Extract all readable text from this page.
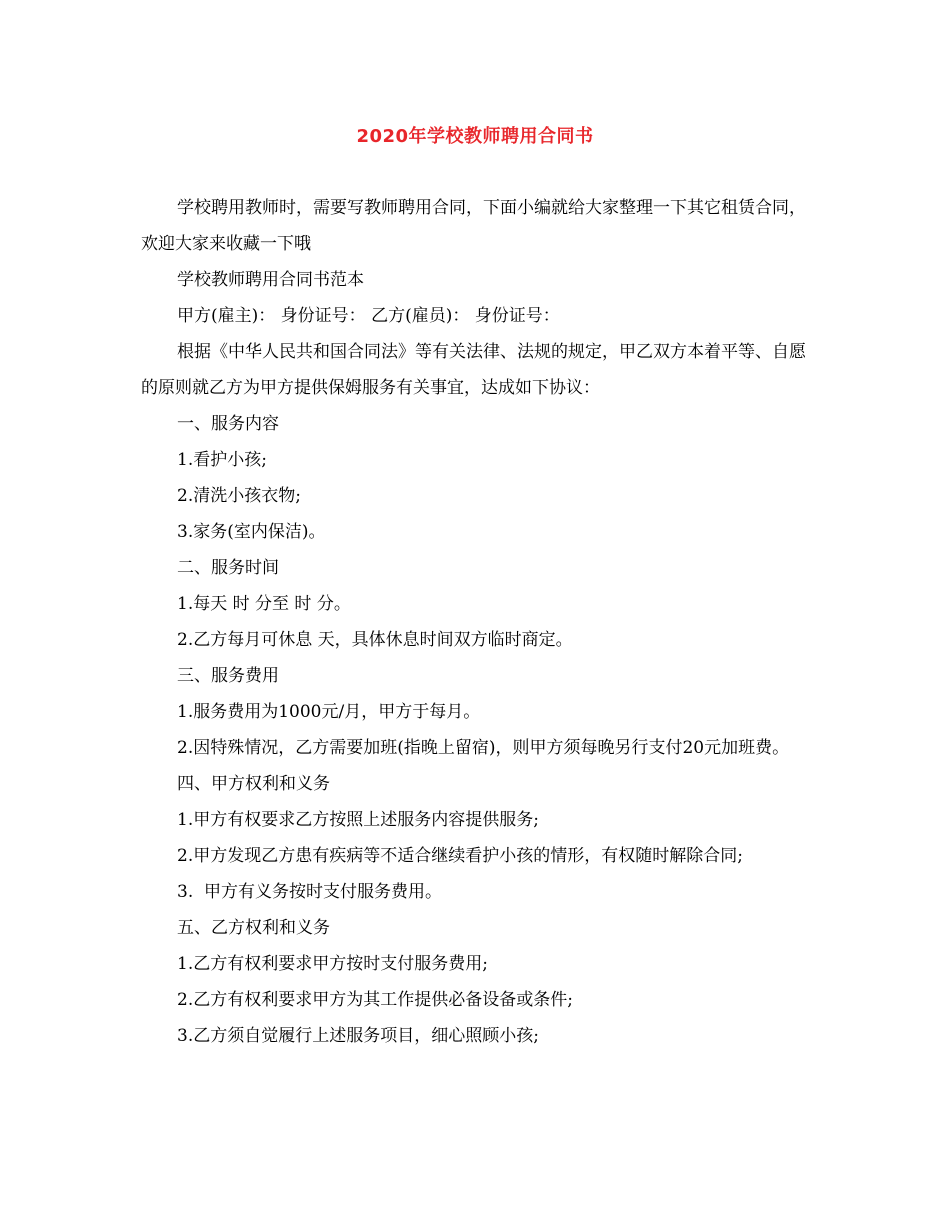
2020年学校教师聘用合同书

学校聘用教师时，需要写教师聘用合同，下面小编就给大家整理一下其它租赁合同，欢迎大家来收藏一下哦

学校教师聘用合同书范本

甲方(雇主)： 身份证号： 乙方(雇员)： 身份证号：

根据《中华人民共和国合同法》等有关法律、法规的规定，甲乙双方本着平等、自愿的原则就乙方为甲方提供保姆服务有关事宜，达成如下协议：

一、服务内容

1.看护小孩;

2.清洗小孩衣物;

3.家务(室内保洁)。

二、服务时间

1.每天 时 分至 时 分。

2.乙方每月可休息 天，具体休息时间双方临时商定。

三、服务费用

1.服务费用为1000元/月，甲方于每月。

2.因特殊情况，乙方需要加班(指晚上留宿)，则甲方须每晚另行支付20元加班费。

四、甲方权利和义务

1.甲方有权要求乙方按照上述服务内容提供服务;

2.甲方发现乙方患有疾病等不适合继续看护小孩的情形，有权随时解除合同;

3.  甲方有义务按时支付服务费用。

五、乙方权利和义务

1.乙方有权利要求甲方按时支付服务费用;

2.乙方有权利要求甲方为其工作提供必备设备或条件;

3.乙方须自觉履行上述服务项目，细心照顾小孩;
